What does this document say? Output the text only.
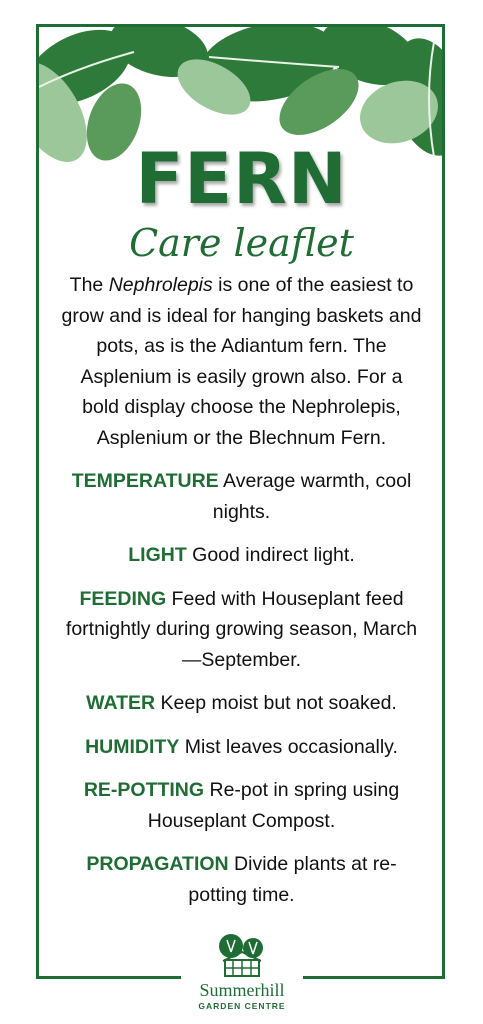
FERN
Care leaflet

The Nephrolepis is one of the easiest to grow and is ideal for hanging baskets and pots, as is the Adiantum fern. The Asplenium is easily grown also. For a bold display choose the Nephrolepis, Asplenium or the Blechnum Fern.

TEMPERATURE Average warmth, cool nights.

LIGHT Good indirect light.

FEEDING Feed with Houseplant feed fortnightly during growing season, March—September.

WATER Keep moist but not soaked.

HUMIDITY Mist leaves occasionally.

RE-POTTING Re-pot in spring using Houseplant Compost.

PROPAGATION Divide plants at re-potting time.

Summerhill
GARDEN CENTRE
